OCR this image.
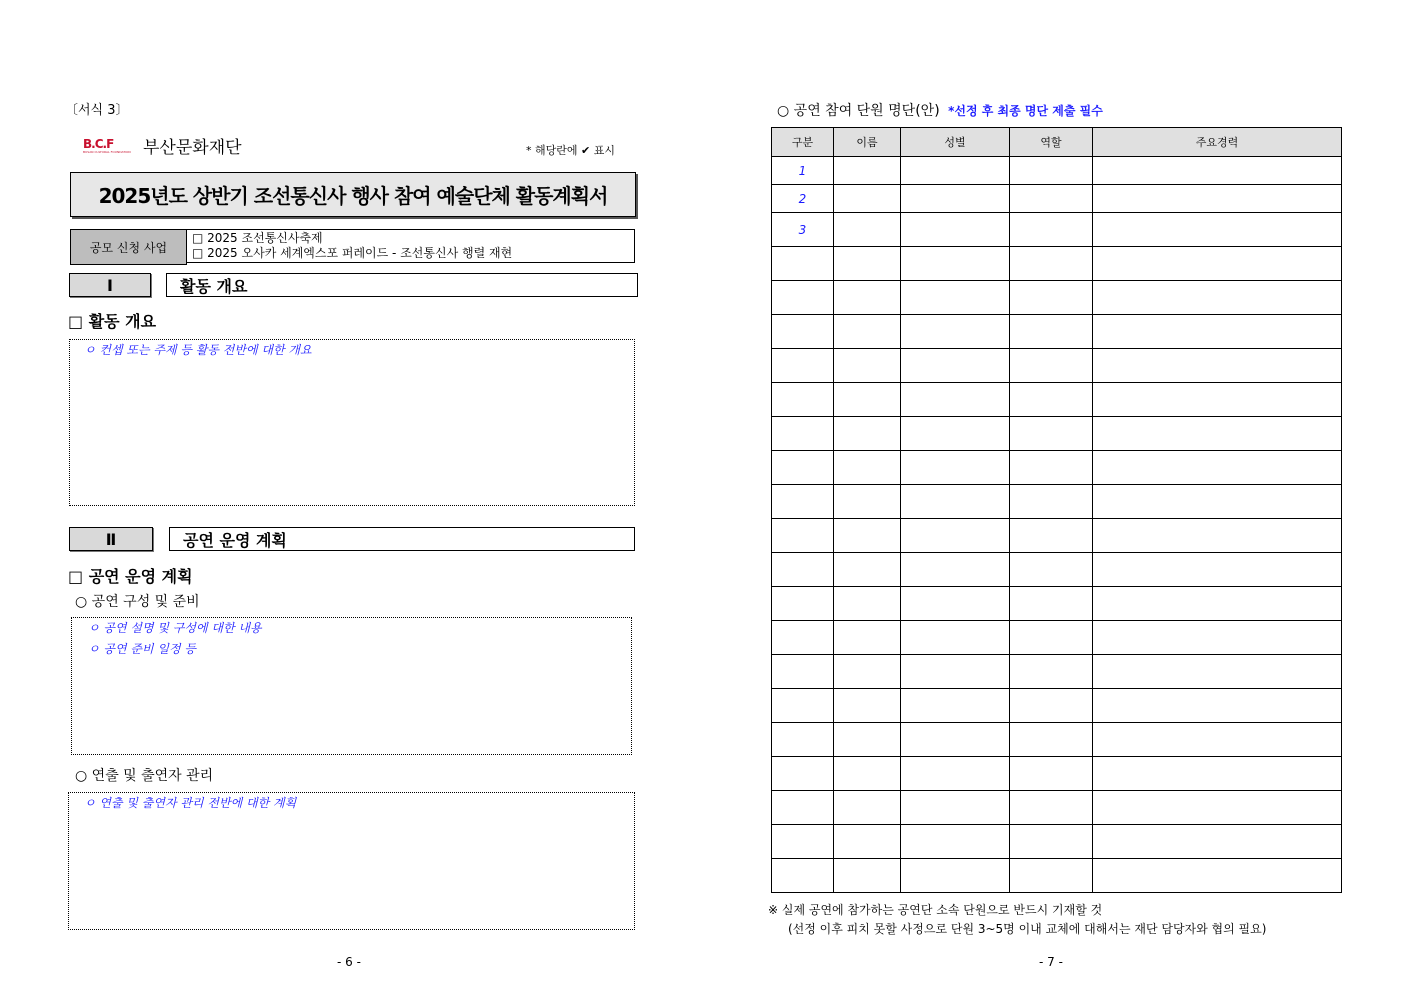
〔서식 3〕
B.C.F
BUSAN CULTURAL FOUNDATION 부산문화재단	* 해당란에 ✔ 표시
2025년도 상반기 조선통신사 행사 참여 예술단체 활동계획서
공모 신청 사업
□ 2025 조선통신사축제
□ 2025 오사카 세계엑스포 퍼레이드 - 조선통신사 행렬 재현
Ⅰ	활동 개요
□ 활동 개요
ㅇ 컨셉 또는 주제 등 활동 전반에 대한 개요
Ⅱ	공연 운영 계획
□ 공연 운영 계획
○ 공연 구성 및 준비
ㅇ 공연 설명 및 구성에 대한 내용
ㅇ 공연 준비 일정 등
○ 연출 및 출연자 관리
ㅇ 연출 및 출연자 관리 전반에 대한 계획
- 6 -
○ 공연 참여 단원 명단(안) *선정 후 최종 명단 제출 필수
구분	이름	성별	역할	주요경력
1				
2				
3				

※ 실제 공연에 참가하는 공연단 소속 단원으로 반드시 기재할 것
(선정 이후 피치 못할 사정으로 단원 3~5명 이내 교체에 대해서는 재단 담당자와 협의 필요)
- 7 -
